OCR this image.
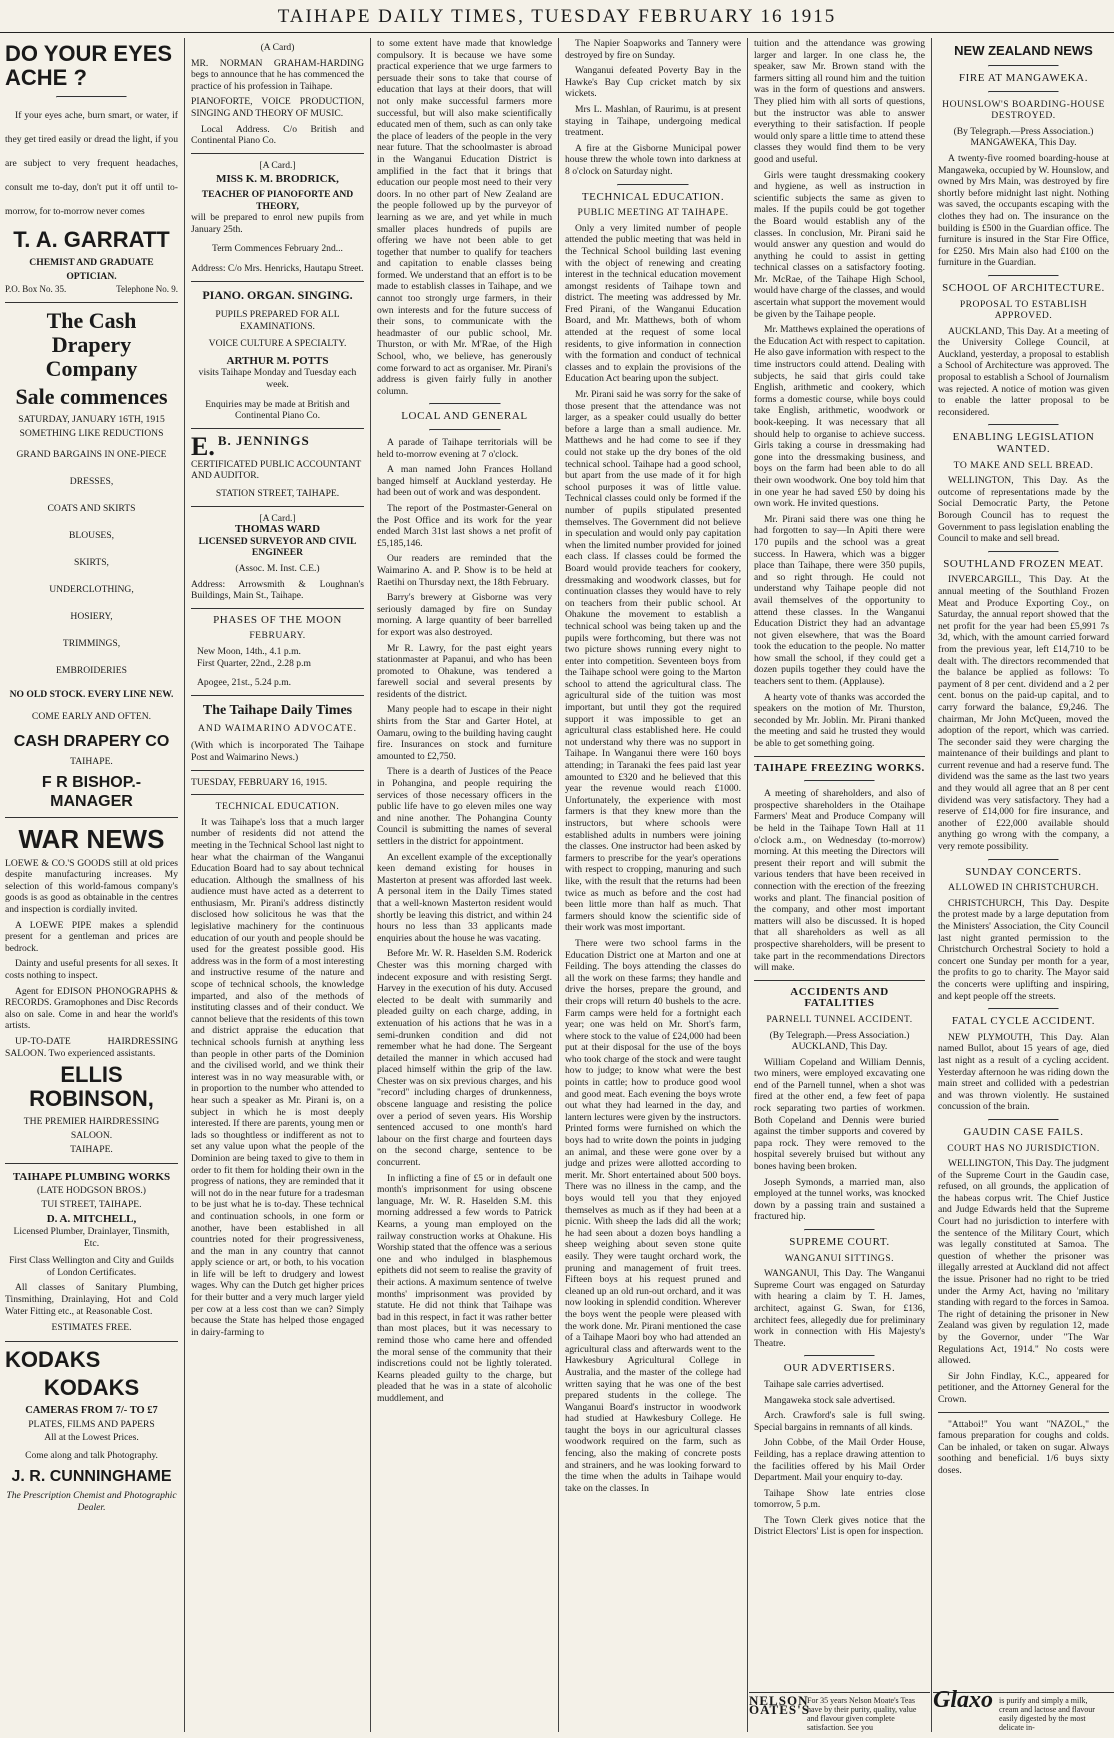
TAIHAPE DAILY TIMES, TUESDAY FEBRUARY 16 1915
DO YOUR EYES ACHE ?

If your eyes ache, burn smart, or water, if they get tired easily or dread the light, if you are subject to very frequent headaches, consult me to-day, don't put it off until to-morrow, for to-morrow never comes

T. A. GARRATT
CHEMIST AND GRADUATE OPTICIAN.
P.O. Box No. 35.	Telephone No. 9.
The Cash Drapery Company
Sale commences
SATURDAY, JANUARY 16TH, 1915
SOMETHING LIKE REDUCTIONS
GRAND BARGAINS IN ONE-PIECE DRESSES,
COATS AND SKIRTS
BLOUSES,
SKIRTS,
UNDERCLOTHING,
HOSIERY,
TRIMMINGS,
EMBROIDERIES
NO OLD STOCK. EVERY LINE NEW.
COME EARLY AND OFTEN.
CASH DRAPERY CO
TAIHAPE.
F R BISHOP.-MANAGER
WAR NEWS

LOEWE & CO.'S GOODS still at old prices despite manufacturing increases. My selection of this world-famous company's goods is as good as obtainable in the centres and inspection is cordially invited.

A LOEWE PIPE makes a splendid present for a gentleman and prices are bedrock.

Dainty and useful presents for all sexes. It costs nothing to inspect.

Agent for EDISON PHONOGRAPHS & RECORDS. Gramophones and Disc Records also on sale. Come in and hear the world's artists.

UP-TO-DATE HAIRDRESSING SALOON. Two experienced assistants.

ELLIS ROBINSON,
THE PREMIER HAIRDRESSING SALOON.
TAIHAPE.
TAIHAPE PLUMBING WORKS
(LATE HODGSON BROS.)
TUI STREET, TAIHAPE.
D. A. MITCHELL,
Licensed Plumber, Drainlayer, Tinsmith, Etc.

First Class Wellington and City and Guilds of London Certificates.

All classes of Sanitary Plumbing, Tinsmithing, Drainlaying, Hot and Cold Water Fitting etc., at Reasonable Cost.

ESTIMATES FREE.
KODAKS
KODAKS
CAMERAS FROM 7/- TO £7
PLATES, FILMS AND PAPERS
All at the Lowest Prices.
Come along and talk Photography.
J. R. CUNNINGHAME
The Prescription Chemist and Photographic Dealer.
(A Card)

MR. NORMAN GRAHAM-HARDING begs to announce that he has commenced the practice of his profession in Taihape.

PIANOFORTE, VOICE PRODUCTION, SINGING AND THEORY OF MUSIC.

Local Address. C/o British and Continental Piano Co.

[A Card.]
MISS K. M. BRODRICK,
TEACHER OF PIANOFORTE AND THEORY,

will be prepared to enrol new pupils from January 25th.

Term Commences February 2nd...

Address: C/o Mrs. Henricks, Hautapu Street.

PIANO. ORGAN. SINGING.
PUPILS PREPARED FOR ALL EXAMINATIONS.
VOICE CULTURE A SPECIALTY.
ARTHUR M. POTTS

visits Taihape Monday and Tuesday each week.

Enquiries may be made at British and Continental Piano Co.

E. B. JENNINGS
CERTIFICATED PUBLIC ACCOUNTANT AND AUDITOR.
STATION STREET, TAIHAPE.
[A Card.]
THOMAS WARD
LICENSED SURVEYOR AND CIVIL ENGINEER
(Assoc. M. Inst. C.E.)

Address: Arrowsmith & Loughnan's Buildings, Main St., Taihape.

PHASES OF THE MOON
FEBRUARY.
New Moon, 14th., 4.1 p.m.
First Quarter, 22nd., 2.28 p.m
Apogee, 21st., 5.24 p.m.
The Taihape Daily Times
AND WAIMARINO ADVOCATE.

(With which is incorporated The Taihape Post and Waimarino News.)

TUESDAY, FEBRUARY 16, 1915.
TECHNICAL EDUCATION.

It was Taihape's loss that a much larger number of residents did not attend the meeting in the Technical School last night to hear what the chairman of the Wanganui Education Board had to say about technical education. Although the smallness of his audience must have acted as a deterrent to enthusiasm, Mr. Pirani's address distinctly disclosed how solicitous he was that the legislative machinery for the continuous education of our youth and people should be used for the greatest possible good. His address was in the form of a most interesting and instructive resume of the nature and scope of technical schools, the knowledge imparted, and also of the methods of instituting classes and of their conduct. We cannot believe that the residents of this town and district appraise the education that technical schools furnish at anything less than people in other parts of the Dominion and the civilised world, and we think their interest was in no way measurable with, or in proportion to the number who attended to hear such a speaker as Mr. Pirani is, on a subject in which he is most deeply interested. If there are parents, young men or lads so thoughtless or indifferent as not to set any value upon what the people of the Dominion are being taxed to give to them in order to fit them for holding their own in the progress of nations, they are reminded that it will not do in the near future for a tradesman to be just what he is to-day. These technical and continuation schools, in one form or another, have been established in all countries noted for their progressiveness, and the man in any country that cannot apply science or art, or both, to his vocation in life will be left to drudgery and lowest wages. Why can the Dutch get higher prices for their butter and a very much larger yield per cow at a less cost than we can? Simply because the State has helped those engaged in dairy-farming to

to some extent have made that knowledge compulsory. It is because we have some practical experience that we urge farmers to persuade their sons to take that course of education that lays at their doors, that will not only make successful farmers more successful, but will also make scientifically educated men of them, such as can only take the place of leaders of the people in the very near future. That the schoolmaster is abroad in the Wanganui Education District is amplified in the fact that it brings that education our people most need to their very doors. In no other part of New Zealand are the people followed up by the purveyor of learning as we are, and yet while in much smaller places hundreds of pupils are offering we have not been able to get together that number to qualify for teachers and capitation to enable classes being formed. We understand that an effort is to be made to establish classes in Taihape, and we cannot too strongly urge farmers, in their own interests and for the future success of their sons, to communicate with the headmaster of our public school, Mr. Thurston, or with Mr. M'Rae, of the High School, who, we believe, has generously come forward to act as organiser. Mr. Pirani's address is given fairly fully in another column.

LOCAL AND GENERAL

A parade of Taihape territorials will be held to-morrow evening at 7 o'clock.

A man named John Frances Holland banged himself at Auckland yesterday. He had been out of work and was despondent.

The report of the Postmaster-General on the Post Office and its work for the year ended March 31st last shows a net profit of £5,185,146.

Our readers are reminded that the Waimarino A. and P. Show is to be held at Raetihi on Thursday next, the 18th February.

Barry's brewery at Gisborne was very seriously damaged by fire on Sunday morning. A large quantity of beer barrelled for export was also destroyed.

Mr R. Lawry, for the past eight years stationmaster at Papanui, and who has been promoted to Ohakune, was tendered a farewell social and several presents by residents of the district.

Many people had to escape in their night shirts from the Star and Garter Hotel, at Oamaru, owing to the building having caught fire. Insurances on stock and furniture amounted to £2,750.

There is a dearth of Justices of the Peace in Pohangina, and people requiring the services of those necessary officers in the public life have to go eleven miles one way and nine another. The Pohangina County Council is submitting the names of several settlers in the district for appointment.

An excellent example of the exceptionally keen demand existing for houses in Masterton at present was afforded last week. A personal item in the Daily Times stated that a well-known Masterton resident would shortly be leaving this district, and within 24 hours no less than 33 applicants made enquiries about the house he was vacating.

Before Mr. W. R. Haselden S.M. Roderick Chester was this morning charged with indecent exposure and with resisting Sergt. Harvey in the execution of his duty. Accused elected to be dealt with summarily and pleaded guilty on each charge, adding, in extenuation of his actions that he was in a semi-drunken condition and did not remember what he had done. The Sergeant detailed the manner in which accused had placed himself within the grip of the law. Chester was on six previous charges, and his "record" including charges of drunkenness, obscene language and resisting the police over a period of seven years. His Worship sentenced accused to one month's hard labour on the first charge and fourteen days on the second charge, sentence to be concurrent.

In inflicting a fine of £5 or in default one month's imprisonment for using obscene language, Mr. W. R. Haselden S.M. this morning addressed a few words to Patrick Kearns, a young man employed on the railway construction works at Ohakune. His Worship stated that the offence was a serious one and who indulged in blasphemous epithets did not seem to realise the gravity of their actions. A maximum sentence of twelve months' imprisonment was provided by statute. He did not think that Taihape was bad in this respect, in fact it was rather better than most places, but it was necessary to remind those who came here and offended the moral sense of the community that their indiscretions could not be lightly tolerated. Kearns pleaded guilty to the charge, but pleaded that he was in a state of alcoholic muddlement, and

The Napier Soapworks and Tannery were destroyed by fire on Sunday.

Wanganui defeated Poverty Bay in the Hawke's Bay Cup cricket match by six wickets.

Mrs L. Mashlan, of Raurimu, is at present staying in Taihape, undergoing medical treatment.

A fire at the Gisborne Municipal power house threw the whole town into darkness at 8 o'clock on Saturday night.

TECHNICAL EDUCATION.
PUBLIC MEETING AT TAIHAPE.

Only a very limited number of people attended the public meeting that was held in the Technical School building last evening with the object of renewing and creating interest in the technical education movement amongst residents of Taihape town and district. The meeting was addressed by Mr. Fred Pirani, of the Wanganui Education Board, and Mr. Matthews, both of whom attended at the request of some local residents, to give information in connection with the formation and conduct of technical classes and to explain the provisions of the Education Act bearing upon the subject.

Mr. Pirani said he was sorry for the sake of those present that the attendance was not larger, as a speaker could usually do better before a large than a small audience. Mr. Matthews and he had come to see if they could not stake up the dry bones of the old technical school. Taihape had a good school, but apart from the use made of it for high school purposes it was of little value. Technical classes could only be formed if the number of pupils stipulated presented themselves. The Government did not believe in speculation and would only pay capitation when the limited number provided for joined each class. If classes could be formed the Board would provide teachers for cookery, dressmaking and woodwork classes, but for continuation classes they would have to rely on teachers from their public school. At Ohakune the movement to establish a technical school was being taken up and the pupils were forthcoming, but there was not two picture shows running every night to enter into competition. Seventeen boys from the Taihape school were going to the Marton school to attend the agricultural class. The agricultural side of the tuition was most important, but until they got the required support it was impossible to get an agricultural class established here. He could not understand why there was no support in Taihape. In Wanganui there were 160 boys attending; in Taranaki the fees paid last year amounted to £320 and he believed that this year the revenue would reach £1000. Unfortunately, the experience with most farmers is that they knew more than the instructors, but where schools were established adults in numbers were joining the classes. One instructor had been asked by farmers to prescribe for the year's operations with respect to cropping, manuring and such like, with the result that the returns had been twice as much as before and the cost had been little more than half as much. That farmers should know the scientific side of their work was most important.

There were two school farms in the Education District one at Marton and one at Feilding. The boys attending the classes do all the work on these farms; they handle and drive the horses, prepare the ground, and their crops will return 40 bushels to the acre. Farm camps were held for a fortnight each year; one was held on Mr. Short's farm, where stock to the value of £24,000 had been put at their disposal for the use of the boys who took charge of the stock and were taught how to judge; to know what were the best points in cattle; how to produce good wool and good meat. Each evening the boys wrote out what they had learned in the day, and lantern lectures were given by the instructors. Printed forms were furnished on which the boys had to write down the points in judging an animal, and these were gone over by a judge and prizes were allotted according to merit. Mr. Short entertained about 500 boys. There was no illness in the camp, and the boys would tell you that they enjoyed themselves as much as if they had been at a picnic. With sheep the lads did all the work; he had seen about a dozen boys handling a sheep weighing about seven stone quite easily. They were taught orchard work, the pruning and management of fruit trees. Fifteen boys at his request pruned and cleaned up an old run-out orchard, and it was now looking in splendid condition. Wherever the boys went the people were pleased with the work done. Mr. Pirani mentioned the case of a Taihape Maori boy who had attended an agricultural class and afterwards went to the Hawkesbury Agricultural College in Australia, and the master of the college had written saying that he was one of the best prepared students in the college. The Wanganui Board's instructor in woodwork had studied at Hawkesbury College. He taught the boys in our agricultural classes woodwork required on the farm, such as fencing, also the making of concrete posts and strainers, and he was looking forward to the time when the adults in Taihape would take on the classes. In

tuition and the attendance was growing larger and larger. In one class he, the speaker, saw Mr. Brown stand with the farmers sitting all round him and the tuition was in the form of questions and answers. They plied him with all sorts of questions, but the instructor was able to answer everything to their satisfaction. If people would only spare a little time to attend these classes they would find them to be very good and useful.

Girls were taught dressmaking cookery and hygiene, as well as instruction in scientific subjects the same as given to males. If the pupils could be got together the Board would establish any of the classes. In conclusion, Mr. Pirani said he would answer any question and would do anything he could to assist in getting technical classes on a satisfactory footing. Mr. McRae, of the Taihape High School, would have charge of the classes, and would ascertain what support the movement would be given by the Taihape people.

Mr. Matthews explained the operations of the Education Act with respect to capitation. He also gave information with respect to the time instructors could attend. Dealing with subjects, he said that girls could take English, arithmetic and cookery, which forms a domestic course, while boys could take English, arithmetic, woodwork or book-keeping. It was necessary that all should help to organise to achieve success. Girls taking a course in dressmaking had gone into the dressmaking business, and boys on the farm had been able to do all their own woodwork. One boy told him that in one year he had saved £50 by doing his own work. He invited questions.

Mr. Pirani said there was one thing he had forgotten to say—In Apiti there were 170 pupils and the school was a great success. In Hawera, which was a bigger place than Taihape, there were 350 pupils, and so right through. He could not understand why Taihape people did not avail themselves of the opportunity to attend these classes. In the Wanganui Education District they had an advantage not given elsewhere, that was the Board took the education to the people. No matter how small the school, if they could get a dozen pupils together they could have the teachers sent to them. (Applause).

A hearty vote of thanks was accorded the speakers on the motion of Mr. Thurston, seconded by Mr. Joblin. Mr. Pirani thanked the meeting and said he trusted they would be able to get something going.

TAIHAPE FREEZING WORKS.

A meeting of shareholders, and also of prospective shareholders in the Otaihape Farmers' Meat and Produce Company will be held in the Taihape Town Hall at 11 o'clock a.m., on Wednesday (to-morrow) morning. At this meeting the Directors will present their report and will submit the various tenders that have been received in connection with the erection of the freezing works and plant. The financial position of the company, and other most important matters will also be discussed. It is hoped that all shareholders as well as all prospective shareholders, will be present to take part in the recommendations Directors will make.

ACCIDENTS AND FATALITIES
PARNELL TUNNEL ACCIDENT.

(By Telegraph.—Press Association.) AUCKLAND, This Day.

William Copeland and William Dennis, two miners, were employed excavating one end of the Parnell tunnel, when a shot was fired at the other end, a few feet of papa rock separating two parties of workmen. Both Copeland and Dennis were buried against the timber supports and covered by papa rock. They were removed to the hospital severely bruised but without any bones having been broken.

Joseph Symonds, a married man, also employed at the tunnel works, was knocked down by a passing train and sustained a fractured hip.

SUPREME COURT.
WANGANUI SITTINGS.

WANGANUI, This Day. The Wanganui Supreme Court was engaged on Saturday with hearing a claim by T. H. James, architect, against G. Swan, for £136, architect fees, allegedly due for preliminary work in connection with His Majesty's Theatre.

OUR ADVERTISERS.

Taihape sale carries advertised.

Mangaweka stock sale advertised.

Arch. Crawford's sale is full swing. Special bargains in remnants of all kinds.

John Cobbe, of the Mail Order House, Feilding, has a replace drawing attention to the facilities offered by his Mail Order Department. Mail your enquiry to-day.

Taihape Show late entries close tomorrow, 5 p.m.

The Town Clerk gives notice that the District Electors' List is open for inspection.

NELSON OATES'S For 35 years Nelson Moate's Teas have by their purity, quality, value and flavour given complete satisfaction. See you
NEW ZEALAND NEWS
FIRE AT MANGAWEKA.
HOUNSLOW'S BOARDING-HOUSE DESTROYED.

(By Telegraph.—Press Association.) MANGAWEKA, This Day.

A twenty-five roomed boarding-house at Mangaweka, occupied by W. Hounslow, and owned by Mrs Main, was destroyed by fire shortly before midnight last night. Nothing was saved, the occupants escaping with the clothes they had on. The insurance on the building is £500 in the Guardian office. The furniture is insured in the Star Fire Office, for £250. Mrs Main also had £100 on the furniture in the Guardian.

SCHOOL OF ARCHITECTURE.
PROPOSAL TO ESTABLISH APPROVED.

AUCKLAND, This Day. At a meeting of the University College Council, at Auckland, yesterday, a proposal to establish a School of Architecture was approved. The proposal to establish a School of Journalism was rejected. A notice of motion was given to enable the latter proposal to be reconsidered.

ENABLING LEGISLATION WANTED.
TO MAKE AND SELL BREAD.

WELLINGTON, This Day. As the outcome of representations made by the Social Democratic Party, the Petone Borough Council has to request the Government to pass legislation enabling the Council to make and sell bread.

SOUTHLAND FROZEN MEAT.

INVERCARGILL, This Day. At the annual meeting of the Southland Frozen Meat and Produce Exporting Coy., on Saturday, the annual report showed that the net profit for the year had been £5,991 7s 3d, which, with the amount carried forward from the previous year, left £14,710 to be dealt with. The directors recommended that the balance be applied as follows: To payment of 8 per cent. dividend and a 2 per cent. bonus on the paid-up capital, and to carry forward the balance, £9,246. The chairman, Mr John McQueen, moved the adoption of the report, which was carried. The seconder said they were charging the maintenance of their buildings and plant to current revenue and had a reserve fund. The dividend was the same as the last two years and they would all agree that an 8 per cent dividend was very satisfactory. They had a reserve of £14,000 for fire insurance, and another of £22,000 available should anything go wrong with the company, a very remote possibility.

SUNDAY CONCERTS.
ALLOWED IN CHRISTCHURCH.

CHRISTCHURCH, This Day. Despite the protest made by a large deputation from the Ministers' Association, the City Council last night granted permission to the Christchurch Orchestral Society to hold a concert one Sunday per month for a year, the profits to go to charity. The Mayor said the concerts were uplifting and inspiring, and kept people off the streets.

FATAL CYCLE ACCIDENT.

NEW PLYMOUTH, This Day. Alan named Bullot, about 15 years of age, died last night as a result of a cycling accident. Yesterday afternoon he was riding down the main street and collided with a pedestrian and was thrown violently. He sustained concussion of the brain.

GAUDIN CASE FAILS.
COURT HAS NO JURISDICTION.

WELLINGTON, This Day. The judgment of the Supreme Court in the Gaudin case, refused, on all grounds, the application of the habeas corpus writ. The Chief Justice and Judge Edwards held that the Supreme Court had no jurisdiction to interfere with the sentence of the Military Court, which was legally constituted at Samoa. The question of whether the prisoner was illegally arrested at Auckland did not affect the issue. Prisoner had no right to be tried under the Army Act, having no 'military standing with regard to the forces in Samoa. The right of detaining the prisoner in New Zealand was given by regulation 12, made by the Governor, under "The War Regulations Act, 1914." No costs were allowed.

Sir John Findlay, K.C., appeared for petitioner, and the Attorney General for the Crown.

"Attaboi!" You want "NAZOL," the famous preparation for coughs and colds. Can be inhaled, or taken on sugar. Always soothing and beneficial. 1/6 buys sixty doses.

Glaxo is purify and simply a milk, cream and lactose and flavour easily digested by the most delicate in-
